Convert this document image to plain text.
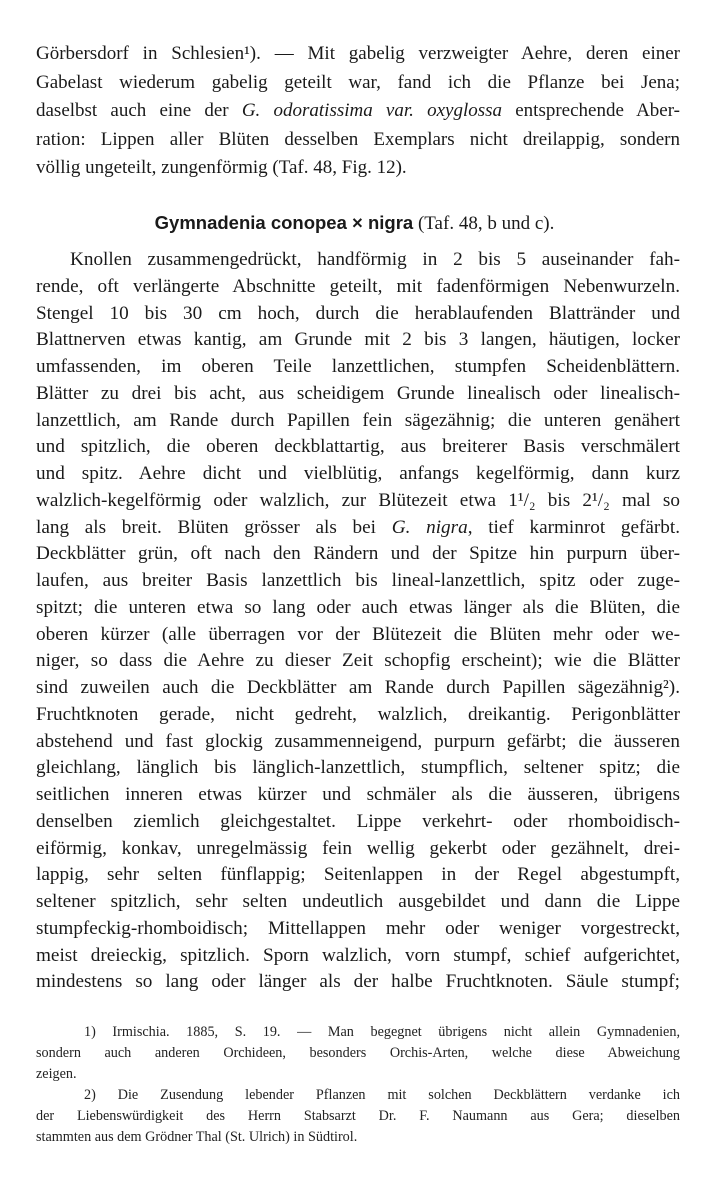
Görbersdorf in Schlesien¹). — Mit gabelig verzweigter Aehre, deren einer
Gabelast wiederum gabelig geteilt war, fand ich die Pflanze bei Jena;
daselbst auch eine der G. odoratissima var. oxyglossa entsprechende Aber-
ration: Lippen aller Blüten desselben Exemplars nicht dreilappig, sondern
völlig ungeteilt, zungenförmig (Taf. 48, Fig. 12).
Gymnadenia conopea × nigra (Taf. 48, b und c).
Knollen zusammengedrückt, handförmig in 2 bis 5 auseinander fah-
rende, oft verlängerte Abschnitte geteilt, mit fadenförmigen Nebenwurzeln.
Stengel 10 bis 30 cm hoch, durch die herablaufenden Blattränder und
Blattnerven etwas kantig, am Grunde mit 2 bis 3 langen, häutigen, locker
umfassenden, im oberen Teile lanzettlichen, stumpfen Scheidenblättern.
Blätter zu drei bis acht, aus scheidigem Grunde linealisch oder linealisch-
lanzettlich, am Rande durch Papillen fein sägezähnig; die unteren genähert
und spitzlich, die oberen deckblattartig, aus breiterer Basis verschmälert
und spitz. Aehre dicht und vielblütig, anfangs kegelförmig, dann kurz
walzlich-kegelförmig oder walzlich, zur Blütezeit etwa 1¹/₂ bis 2¹/₂ mal so
lang als breit. Blüten grösser als bei G. nigra, tief karminrot gefärbt.
Deckblätter grün, oft nach den Rändern und der Spitze hin purpurn über-
laufen, aus breiter Basis lanzettlich bis lineal-lanzettlich, spitz oder zuge-
spitzt; die unteren etwa so lang oder auch etwas länger als die Blüten, die
oberen kürzer (alle überragen vor der Blütezeit die Blüten mehr oder we-
niger, so dass die Aehre zu dieser Zeit schopfig erscheint); wie die Blätter
sind zuweilen auch die Deckblätter am Rande durch Papillen sägezähnig²).
Fruchtknoten gerade, nicht gedreht, walzlich, dreikantig. Perigonblätter
abstehend und fast glockig zusammenneigend, purpurn gefärbt; die äusseren
gleichlang, länglich bis länglich-lanzettlich, stumpflich, seltener spitz; die
seitlichen inneren etwas kürzer und schmäler als die äusseren, übrigens
denselben ziemlich gleichgestaltet. Lippe verkehrt- oder rhomboidisch-
eiförmig, konkav, unregelmässig fein wellig gekerbt oder gezähnelt, drei-
lappig, sehr selten fünflappig; Seitenlappen in der Regel abgestumpft,
seltener spitzlich, sehr selten undeutlich ausgebildet und dann die Lippe
stumpfeckig-rhomboidisch; Mittellappen mehr oder weniger vorgestreckt,
meist dreieckig, spitzlich. Sporn walzlich, vorn stumpf, schief aufgerichtet,
mindestens so lang oder länger als der halbe Fruchtknoten. Säule stumpf;
1) Irmischia. 1885, S. 19. — Man begegnet übrigens nicht allein Gymnadenien,
sondern auch anderen Orchideen, besonders Orchis-Arten, welche diese Abweichung
zeigen.
2) Die Zusendung lebender Pflanzen mit solchen Deckblättern verdanke ich
der Liebenswürdigkeit des Herrn Stabsarzt Dr. F. Naumann aus Gera; dieselben
stammten aus dem Grödner Thal (St. Ulrich) in Südtirol.
